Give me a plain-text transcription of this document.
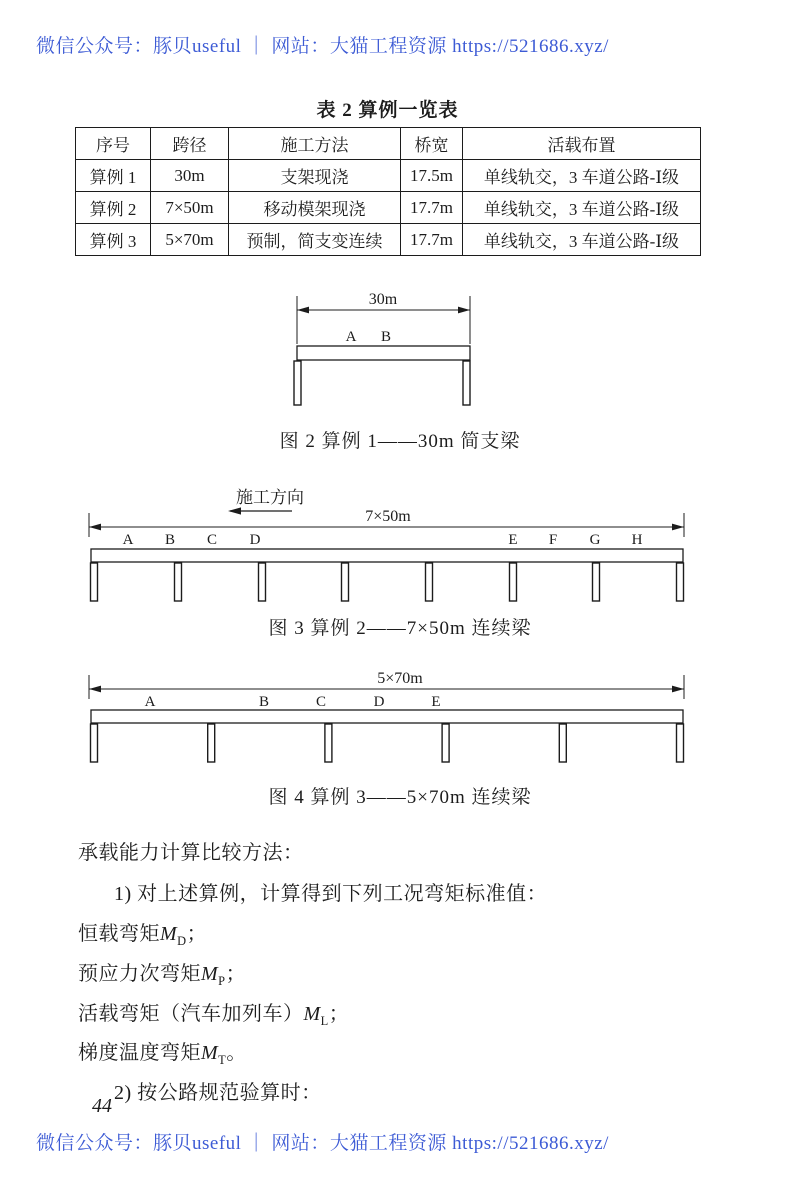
微信公众号：豚贝useful ｜ 网站：大猫工程资源 https://521686.xyz/
表 2 算例一览表
序号	跨径	施工方法	桥宽	活载布置
算例 1	30m	支架现浇	17.5m	单线轨交，3 车道公路-Ⅰ级
算例 2	7×50m	移动模架现浇	17.7m	单线轨交，3 车道公路-Ⅰ级
算例 3	5×70m	预制，简支变连续	17.7m	单线轨交，3 车道公路-Ⅰ级
30m
A B
图 2 算例 1——30m 简支梁
施工方向
7×50m
A B C D	E F G H
图 3 算例 2——7×50m 连续梁
5×70m
A	B	C	D	E
图 4 算例 3——5×70m 连续梁
承载能力计算比较方法：
1) 对上述算例，计算得到下列工况弯矩标准值：
恒载弯矩$M_D$；
预应力次弯矩$M_P$；
活载弯矩（汽车加列车）$M_L$；
梯度温度弯矩$M_T$。
2) 按公路规范验算时：
44
微信公众号：豚贝useful ｜ 网站：大猫工程资源 https://521686.xyz/
